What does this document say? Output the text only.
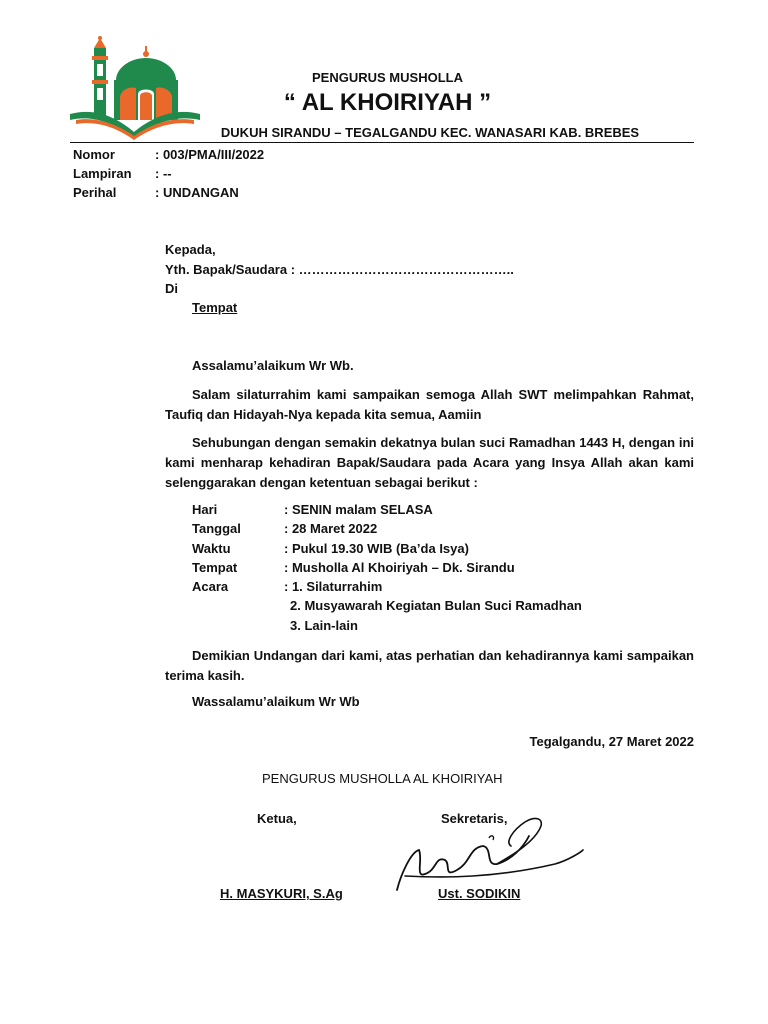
PENGURUS MUSHOLLA
“ AL KHOIRIYAH ”
DUKUH SIRANDU – TEGALGANDU KEC. WANASARI KAB. BREBES
Nomor	: 003/PMA/III/2022
Lampiran : --
Perihal	: UNDANGAN
Kepada,
Yth. Bapak/Saudara : …………………………………………..
Di
Tempat
Assalamu’alaikum Wr Wb.
Salam silaturrahim kami sampaikan semoga Allah SWT melimpahkan Rahmat, Taufiq dan Hidayah-Nya kepada kita semua, Aamiin
Sehubungan dengan semakin dekatnya bulan suci Ramadhan 1443 H, dengan ini kami menharap kehadiran Bapak/Saudara pada Acara yang Insya Allah akan kami selenggarakan dengan ketentuan sebagai berikut :
Hari	: SENIN malam SELASA
Tanggal	: 28 Maret 2022
Waktu	: Pukul 19.30 WIB (Ba’da Isya)
Tempat	: Musholla Al Khoiriyah – Dk. Sirandu
Acara	: 1. Silaturrahim
2. Musyawarah Kegiatan Bulan Suci Ramadhan
3. Lain-lain
Demikian Undangan dari kami, atas perhatian dan kehadirannya kami sampaikan terima kasih.
Wassalamu’alaikum Wr Wb
Tegalgandu, 27 Maret 2022
PENGURUS MUSHOLLA AL KHOIRIYAH
Ketua,	Sekretaris,
H. MASYKURI, S.Ag	Ust. SODIKIN
